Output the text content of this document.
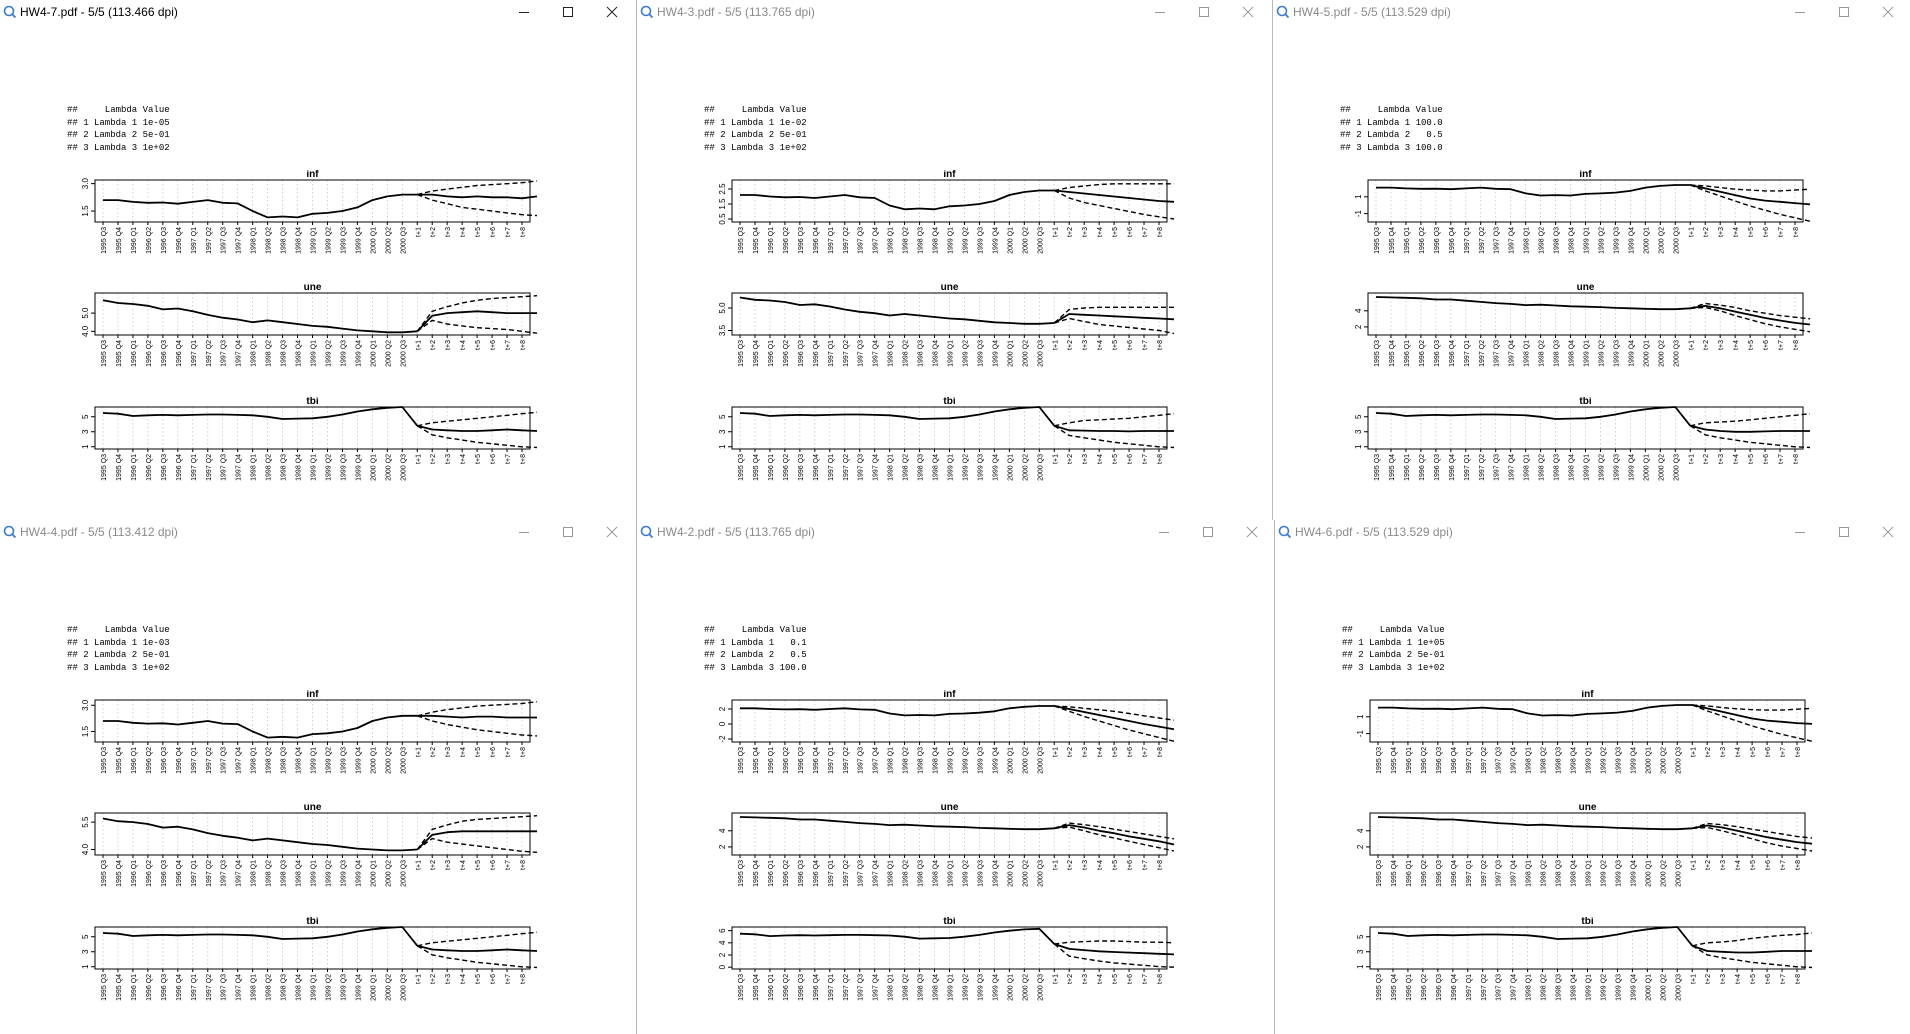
HW4-7.pdf - 5/5 (113.466 dpi)
##     Lambda Value
## 1 Lambda 1 1e-05
## 2 Lambda 2 5e-01
## 3 Lambda 3 1e+02
inf
1.5
3.0
1995 Q3 1995 Q4 1996 Q1 1996 Q2 1996 Q3 1996 Q4 1997 Q1 1997 Q2 1997 Q3 1997 Q4 1998 Q1 1998 Q2 1998 Q3 1998 Q4 1999 Q1 1999 Q2 1999 Q3 1999 Q4 2000 Q1 2000 Q2 2000 Q3 t+1 t+2 t+3 t+4 t+5 t+6 t+7 t+8
une
4.0
5.0
1995 Q3 1995 Q4 1996 Q1 1996 Q2 1996 Q3 1996 Q4 1997 Q1 1997 Q2 1997 Q3 1997 Q4 1998 Q1 1998 Q2 1998 Q3 1998 Q4 1999 Q1 1999 Q2 1999 Q3 1999 Q4 2000 Q1 2000 Q2 2000 Q3 t+1 t+2 t+3 t+4 t+5 t+6 t+7 t+8
tbi
1
3
5
1995 Q3 1995 Q4 1996 Q1 1996 Q2 1996 Q3 1996 Q4 1997 Q1 1997 Q2 1997 Q3 1997 Q4 1998 Q1 1998 Q2 1998 Q3 1998 Q4 1999 Q1 1999 Q2 1999 Q3 1999 Q4 2000 Q1 2000 Q2 2000 Q3 t+1 t+2 t+3 t+4 t+5 t+6 t+7 t+8
HW4-3.pdf - 5/5 (113.765 dpi)
##     Lambda Value
## 1 Lambda 1 1e-02
## 2 Lambda 2 5e-01
## 3 Lambda 3 1e+02
inf
0.5
1.5
2.5
1995 Q3 1995 Q4 1996 Q1 1996 Q2 1996 Q3 1996 Q4 1997 Q1 1997 Q2 1997 Q3 1997 Q4 1998 Q1 1998 Q2 1998 Q3 1998 Q4 1999 Q1 1999 Q2 1999 Q3 1999 Q4 2000 Q1 2000 Q2 2000 Q3 t+1 t+2 t+3 t+4 t+5 t+6 t+7 t+8
une
3.5
5.0
1995 Q3 1995 Q4 1996 Q1 1996 Q2 1996 Q3 1996 Q4 1997 Q1 1997 Q2 1997 Q3 1997 Q4 1998 Q1 1998 Q2 1998 Q3 1998 Q4 1999 Q1 1999 Q2 1999 Q3 1999 Q4 2000 Q1 2000 Q2 2000 Q3 t+1 t+2 t+3 t+4 t+5 t+6 t+7 t+8
tbi
1
3
5
1995 Q3 1995 Q4 1996 Q1 1996 Q2 1996 Q3 1996 Q4 1997 Q1 1997 Q2 1997 Q3 1997 Q4 1998 Q1 1998 Q2 1998 Q3 1998 Q4 1999 Q1 1999 Q2 1999 Q3 1999 Q4 2000 Q1 2000 Q2 2000 Q3 t+1 t+2 t+3 t+4 t+5 t+6 t+7 t+8
HW4-5.pdf - 5/5 (113.529 dpi)
##     Lambda Value
## 1 Lambda 1 100.0
## 2 Lambda 2   0.5
## 3 Lambda 3 100.0
inf
-1
1
1995 Q3 1995 Q4 1996 Q1 1996 Q2 1996 Q3 1996 Q4 1997 Q1 1997 Q2 1997 Q3 1997 Q4 1998 Q1 1998 Q2 1998 Q3 1998 Q4 1999 Q1 1999 Q2 1999 Q3 1999 Q4 2000 Q1 2000 Q2 2000 Q3 t+1 t+2 t+3 t+4 t+5 t+6 t+7 t+8
une
2
4
1995 Q3 1995 Q4 1996 Q1 1996 Q2 1996 Q3 1996 Q4 1997 Q1 1997 Q2 1997 Q3 1997 Q4 1998 Q1 1998 Q2 1998 Q3 1998 Q4 1999 Q1 1999 Q2 1999 Q3 1999 Q4 2000 Q1 2000 Q2 2000 Q3 t+1 t+2 t+3 t+4 t+5 t+6 t+7 t+8
tbi
1
3
5
1995 Q3 1995 Q4 1996 Q1 1996 Q2 1996 Q3 1996 Q4 1997 Q1 1997 Q2 1997 Q3 1997 Q4 1998 Q1 1998 Q2 1998 Q3 1998 Q4 1999 Q1 1999 Q2 1999 Q3 1999 Q4 2000 Q1 2000 Q2 2000 Q3 t+1 t+2 t+3 t+4 t+5 t+6 t+7 t+8
HW4-4.pdf - 5/5 (113.412 dpi)
##     Lambda Value
## 1 Lambda 1 1e-03
## 2 Lambda 2 5e-01
## 3 Lambda 3 1e+02
inf
1.5
3.0
1995 Q3 1995 Q4 1996 Q1 1996 Q2 1996 Q3 1996 Q4 1997 Q1 1997 Q2 1997 Q3 1997 Q4 1998 Q1 1998 Q2 1998 Q3 1998 Q4 1999 Q1 1999 Q2 1999 Q3 1999 Q4 2000 Q1 2000 Q2 2000 Q3 t+1 t+2 t+3 t+4 t+5 t+6 t+7 t+8
une
4.0
5.5
1995 Q3 1995 Q4 1996 Q1 1996 Q2 1996 Q3 1996 Q4 1997 Q1 1997 Q2 1997 Q3 1997 Q4 1998 Q1 1998 Q2 1998 Q3 1998 Q4 1999 Q1 1999 Q2 1999 Q3 1999 Q4 2000 Q1 2000 Q2 2000 Q3 t+1 t+2 t+3 t+4 t+5 t+6 t+7 t+8
tbi
1
3
5
1995 Q3 1995 Q4 1996 Q1 1996 Q2 1996 Q3 1996 Q4 1997 Q1 1997 Q2 1997 Q3 1997 Q4 1998 Q1 1998 Q2 1998 Q3 1998 Q4 1999 Q1 1999 Q2 1999 Q3 1999 Q4 2000 Q1 2000 Q2 2000 Q3 t+1 t+2 t+3 t+4 t+5 t+6 t+7 t+8
HW4-2.pdf - 5/5 (113.765 dpi)
##     Lambda Value
## 1 Lambda 1   0.1
## 2 Lambda 2   0.5
## 3 Lambda 3 100.0
inf
-2
0
2
1995 Q3 1995 Q4 1996 Q1 1996 Q2 1996 Q3 1996 Q4 1997 Q1 1997 Q2 1997 Q3 1997 Q4 1998 Q1 1998 Q2 1998 Q3 1998 Q4 1999 Q1 1999 Q2 1999 Q3 1999 Q4 2000 Q1 2000 Q2 2000 Q3 t+1 t+2 t+3 t+4 t+5 t+6 t+7 t+8
une
2
4
1995 Q3 1995 Q4 1996 Q1 1996 Q2 1996 Q3 1996 Q4 1997 Q1 1997 Q2 1997 Q3 1997 Q4 1998 Q1 1998 Q2 1998 Q3 1998 Q4 1999 Q1 1999 Q2 1999 Q3 1999 Q4 2000 Q1 2000 Q2 2000 Q3 t+1 t+2 t+3 t+4 t+5 t+6 t+7 t+8
tbi
0
2
4
6
1995 Q3 1995 Q4 1996 Q1 1996 Q2 1996 Q3 1996 Q4 1997 Q1 1997 Q2 1997 Q3 1997 Q4 1998 Q1 1998 Q2 1998 Q3 1998 Q4 1999 Q1 1999 Q2 1999 Q3 1999 Q4 2000 Q1 2000 Q2 2000 Q3 t+1 t+2 t+3 t+4 t+5 t+6 t+7 t+8
HW4-6.pdf - 5/5 (113.529 dpi)
##     Lambda Value
## 1 Lambda 1 1e+05
## 2 Lambda 2 5e-01
## 3 Lambda 3 1e+02
inf
-1
1
1995 Q3 1995 Q4 1996 Q1 1996 Q2 1996 Q3 1996 Q4 1997 Q1 1997 Q2 1997 Q3 1997 Q4 1998 Q1 1998 Q2 1998 Q3 1998 Q4 1999 Q1 1999 Q2 1999 Q3 1999 Q4 2000 Q1 2000 Q2 2000 Q3 t+1 t+2 t+3 t+4 t+5 t+6 t+7 t+8
une
2
4
1995 Q3 1995 Q4 1996 Q1 1996 Q2 1996 Q3 1996 Q4 1997 Q1 1997 Q2 1997 Q3 1997 Q4 1998 Q1 1998 Q2 1998 Q3 1998 Q4 1999 Q1 1999 Q2 1999 Q3 1999 Q4 2000 Q1 2000 Q2 2000 Q3 t+1 t+2 t+3 t+4 t+5 t+6 t+7 t+8
tbi
1
3
5
1995 Q3 1995 Q4 1996 Q1 1996 Q2 1996 Q3 1996 Q4 1997 Q1 1997 Q2 1997 Q3 1997 Q4 1998 Q1 1998 Q2 1998 Q3 1998 Q4 1999 Q1 1999 Q2 1999 Q3 1999 Q4 2000 Q1 2000 Q2 2000 Q3 t+1 t+2 t+3 t+4 t+5 t+6 t+7 t+8
